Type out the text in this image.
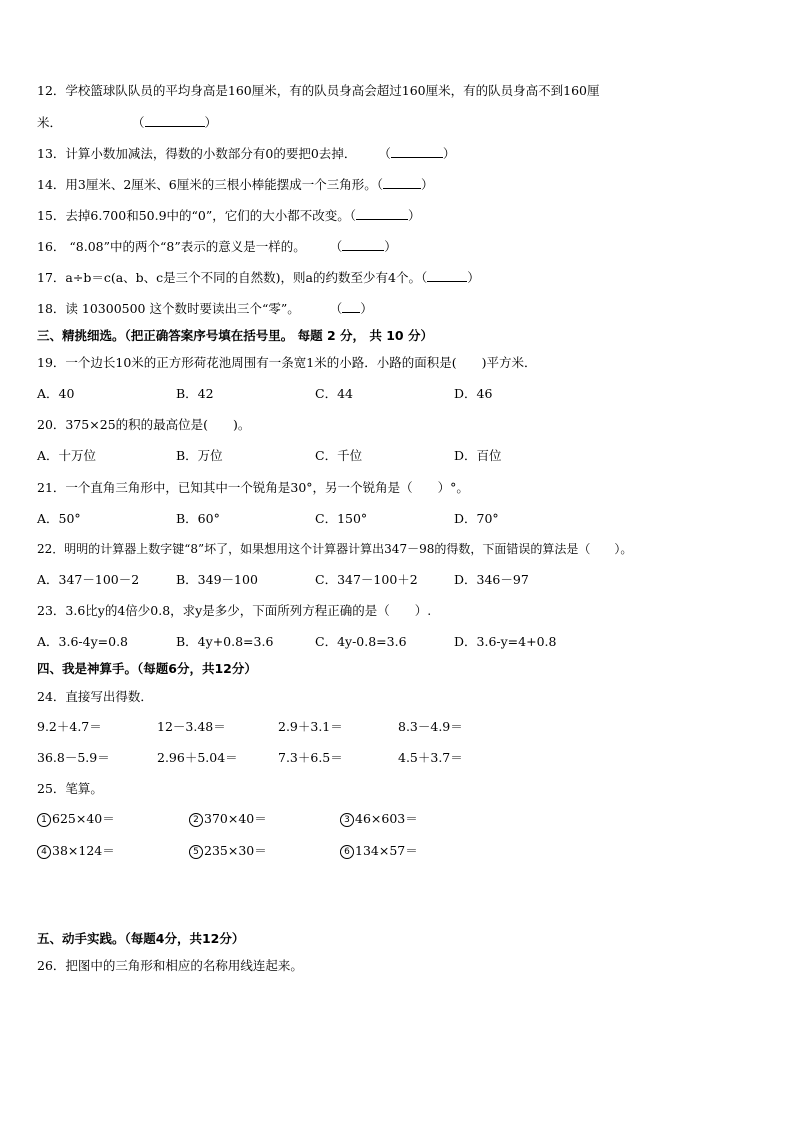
12．学校篮球队队员的平均身高是160厘米，有的队员身高会超过160厘米，有的队员身高不到160厘
米．	（	）
13．计算小数加减法，得数的小数部分有0的要把0去掉． （	）
14．用3厘米、2厘米、6厘米的三根小棒能摆成一个三角形。（	）
15．去掉6.700和50.9中的“0”，它们的大小都不改变。（	）
16． “8.08”中的两个“8”表示的意义是一样的。 （	）
17．a÷b＝c(a、b、c是三个不同的自然数)，则a的约数至少有4个。（	）
18．读 10300500 这个数时要读出三个“零”。 （ ）
三、精挑细选。（把正确答案序号填在括号里。 每题 2 分， 共 10 分）
19．一个边长10米的正方形荷花池周围有一条宽1米的小路．小路的面积是(　　)平方米．
A．40	B．42	C．44	D．46
20．375×25的积的最高位是(　　)。
A．十万位	B．万位	C．千位	D．百位
21．一个直角三角形中，已知其中一个锐角是30°，另一个锐角是（　　）°。
A．50°	B．60°	C．150°	D．70°
22．明明的计算器上数字键“8”坏了，如果想用这个计算器计算出347－98的得数，下面错误的算法是（　　）。
A．347－100－2	B．349－100	C．347－100＋2	D．346－97
23．3.6比y的4倍少0.8，求y是多少，下面所列方程正确的是（　　）.
A．3.6-4y=0.8	B．4y+0.8=3.6	C．4y-0.8=3.6	D．3.6-y=4+0.8
四、我是神算手。（每题6分，共12分）
24．直接写出得数．
9.2＋4.7＝	12－3.48＝	2.9＋3.1＝	8.3－4.9＝
36.8－5.9＝	2.96＋5.04＝	7.3＋6.5＝	4.5＋3.7＝
25．笔算。
1 625×40＝	2 370×40＝	3 46×603＝
4 38×124＝	5 235×30＝	6 134×57＝
五、动手实践。（每题4分，共12分）
26．把图中的三角形和相应的名称用线连起来。
